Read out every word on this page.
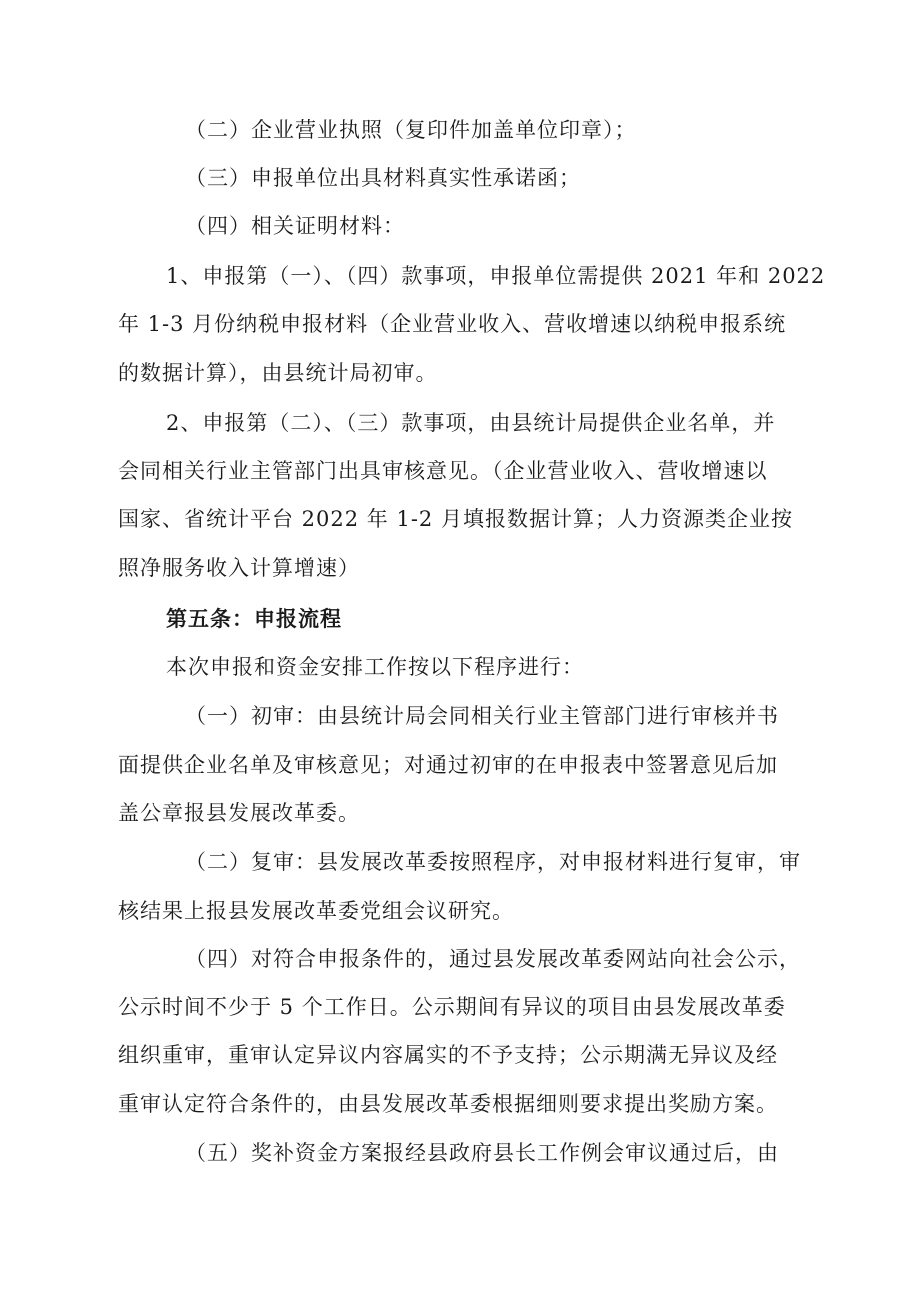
（二）企业营业执照（复印件加盖单位印章）；
（三）申报单位出具材料真实性承诺函；
（四）相关证明材料：
1、申报第（一）、（四）款事项，申报单位需提供 2021 年和 2022
年 1-3 月份纳税申报材料（企业营业收入、营收增速以纳税申报系统
的数据计算），由县统计局初审。
2、申报第（二）、（三）款事项，由县统计局提供企业名单，并
会同相关行业主管部门出具审核意见。（企业营业收入、营收增速以
国家、省统计平台 2022 年 1-2 月填报数据计算；人力资源类企业按
照净服务收入计算增速）
第五条：申报流程
本次申报和资金安排工作按以下程序进行：
（一）初审：由县统计局会同相关行业主管部门进行审核并书
面提供企业名单及审核意见；对通过初审的在申报表中签署意见后加
盖公章报县发展改革委。
（二）复审：县发展改革委按照程序，对申报材料进行复审，审
核结果上报县发展改革委党组会议研究。
（四）对符合申报条件的，通过县发展改革委网站向社会公示，
公示时间不少于 5 个工作日。公示期间有异议的项目由县发展改革委
组织重审，重审认定异议内容属实的不予支持；公示期满无异议及经
重审认定符合条件的，由县发展改革委根据细则要求提出奖励方案。
（五）奖补资金方案报经县政府县长工作例会审议通过后，由
